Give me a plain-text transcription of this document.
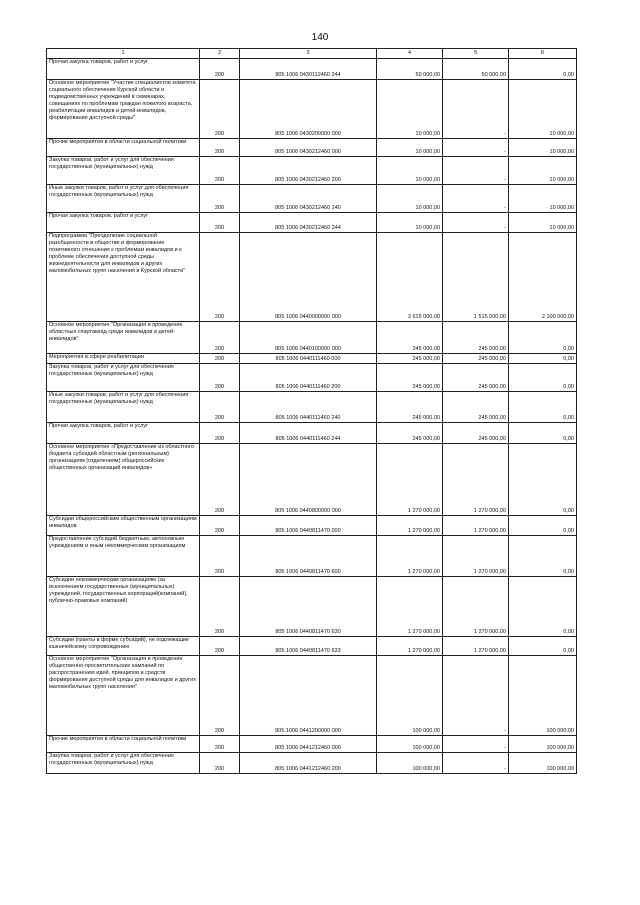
140
1	2	3	4	5	6
Прочая закупка товаров, работ и услуг	200	805 1006 0430112460 244	50 000,00	50 000,00	0,00
Основное мероприятие "Участие специалистов комитета социального обеспечения Курской области и подведомственных учреждений в семинарах, совещаниях по проблемам граждан пожилого возраста, реабилитации инвалидов и детей-инвалидов, формирования доступной среды"	200	805 1006 0430200000 000	10 000,00	-	10 000,00
Прочие мероприятия в области социальной политики	200	805 1006 0430212460 000	10 000,00	-	10 000,00
Закупка товаров, работ и услуг для обеспечения государственных (муниципальных) нужд	200	805 1006 0430212460 200	10 000,00	-	10 000,00
Иные закупки товаров, работ и услуг для обеспечения государственных (муниципальных) нужд	200	805 1006 0430212460 240	10 000,00	-	10 000,00
Прочая закупка товаров, работ и услуг	200	805 1006 0430212460 244	10 000,00	-	10 000,00
Подпрограмма "Преодоление социальной разобщенности в обществе и формирование позитивного отношения к проблемам инвалидов и к проблеме обеспечения доступной среды жизнедеятельности для инвалидов и других маломобильных групп населения в Курской области"	200	805 1006 0440000000 000	3 615 000,00	1 515 000,00	2 100 000,00
Основное мероприятие "Организация и проведение областных спартакиад среди инвалидов и детей-инвалидов"	200	805 1006 0440100000 000	245 000,00	245 000,00	0,00
Мероприятия в сфере реабилитации	200	805 1006 0440111460 000	245 000,00	245 000,00	0,00
Закупка товаров, работ и услуг для обеспечения государственных (муниципальных) нужд	200	805 1006 0440111460 200	245 000,00	245 000,00	0,00
Иные закупки товаров, работ и услуг для обеспечения государственных (муниципальных) нужд	200	805 1006 0440111460 240	245 000,00	245 000,00	0,00
Прочая закупка товаров, работ и услуг	200	805 1006 0440111460 244	245 000,00	245 000,00	0,00
Основное мероприятие «Предоставление из областного бюджета субсидий областным (региональным) организациям (отделениям) общероссийских общественных организаций инвалидов»	200	805 1006 0440800000 000	1 270 000,00	1 270 000,00	0,00
Субсидии общероссийским общественным организациям инвалидов	200	805 1006 0440811470 000	1 270 000,00	1 270 000,00	0,00
Предоставление субсидий бюджетным, автономным учреждениям и иным некоммерческим организациям	200	805 1006 0440811470 600	1 270 000,00	1 270 000,00	0,00
Субсидии некоммерческим организациям (за исключением государственных (муниципальных) учреждений, государственных корпораций(компаний), публично-правовых компаний)	200	805 1006 0440811470 630	1 270 000,00	1 270 000,00	0,00
Субсидии (гранты в форме субсидий), не подлежащие казначейскому сопровождению	200	805 1006 0440811470 633	1 270 000,00	1 270 000,00	0,00
Основное мероприятие "Организация и проведение общественно-просветительских кампаний по распространению идей, принципов и средств формирования доступной среды для инвалидов и других маломобильных групп населения"	200	805 1006 0441200000 000	100 000,00	-	100 000,00
Прочие мероприятия в области социальной политики	200	805 1006 0441212460 000	100 000,00	-	100 000,00
Закупка товаров, работ и услуг для обеспечения государственных (муниципальных) нужд	200	805 1006 0441212460 200	100 000,00	-	100 000,00
